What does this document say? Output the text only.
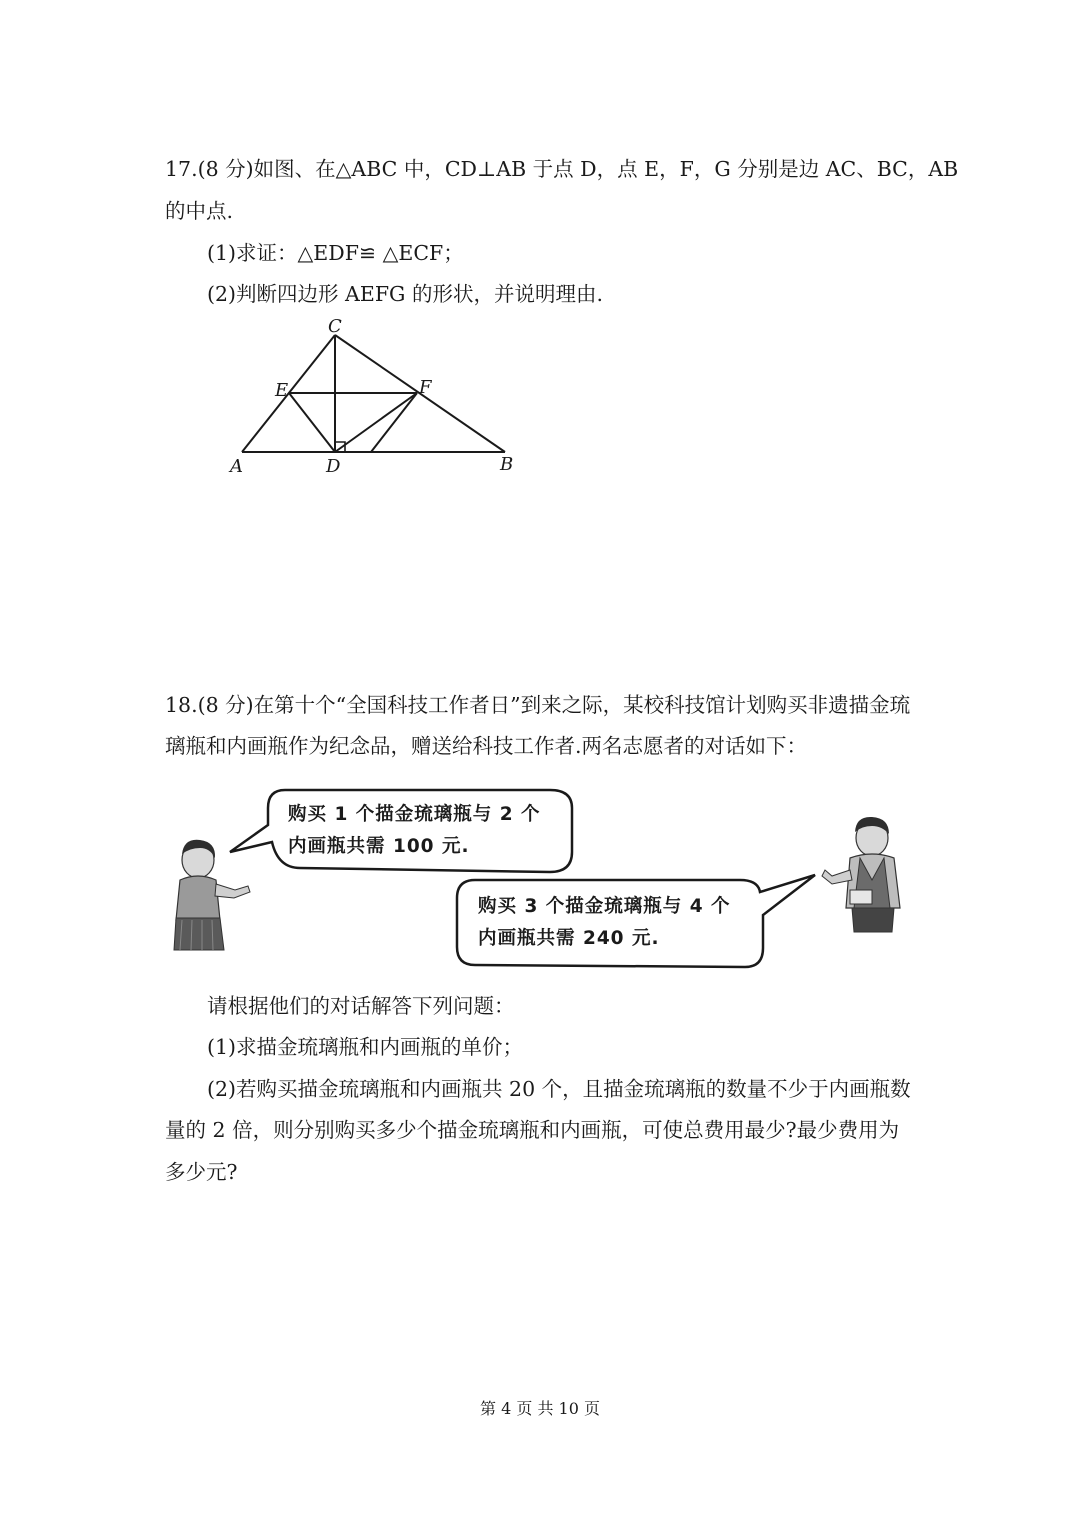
17.(8 分)如图、在△ABC 中，CD⊥AB 于点 D，点 E，F，G 分别是边 AC、BC，AB

的中点.

(1)求证：△EDF≌ △ECF；

(2)判断四边形 AEFG 的形状，并说明理由.

C
E	F
A	D	B

18.(8 分)在第十个“全国科技工作者日”到来之际，某校科技馆计划购买非遗描金琉

璃瓶和内画瓶作为纪念品，赠送给科技工作者.两名志愿者的对话如下：

购买 1 个描金琉璃瓶与 2 个

内画瓶共需 100 元.

购买 3 个描金琉璃瓶与 4 个

内画瓶共需 240 元.

请根据他们的对话解答下列问题：

(1)求描金琉璃瓶和内画瓶的单价；

(2)若购买描金琉璃瓶和内画瓶共 20 个，且描金琉璃瓶的数量不少于内画瓶数

量的 2 倍，则分别购买多少个描金琉璃瓶和内画瓶，可使总费用最少?最少费用为

多少元?

第 4 页 共 10 页
